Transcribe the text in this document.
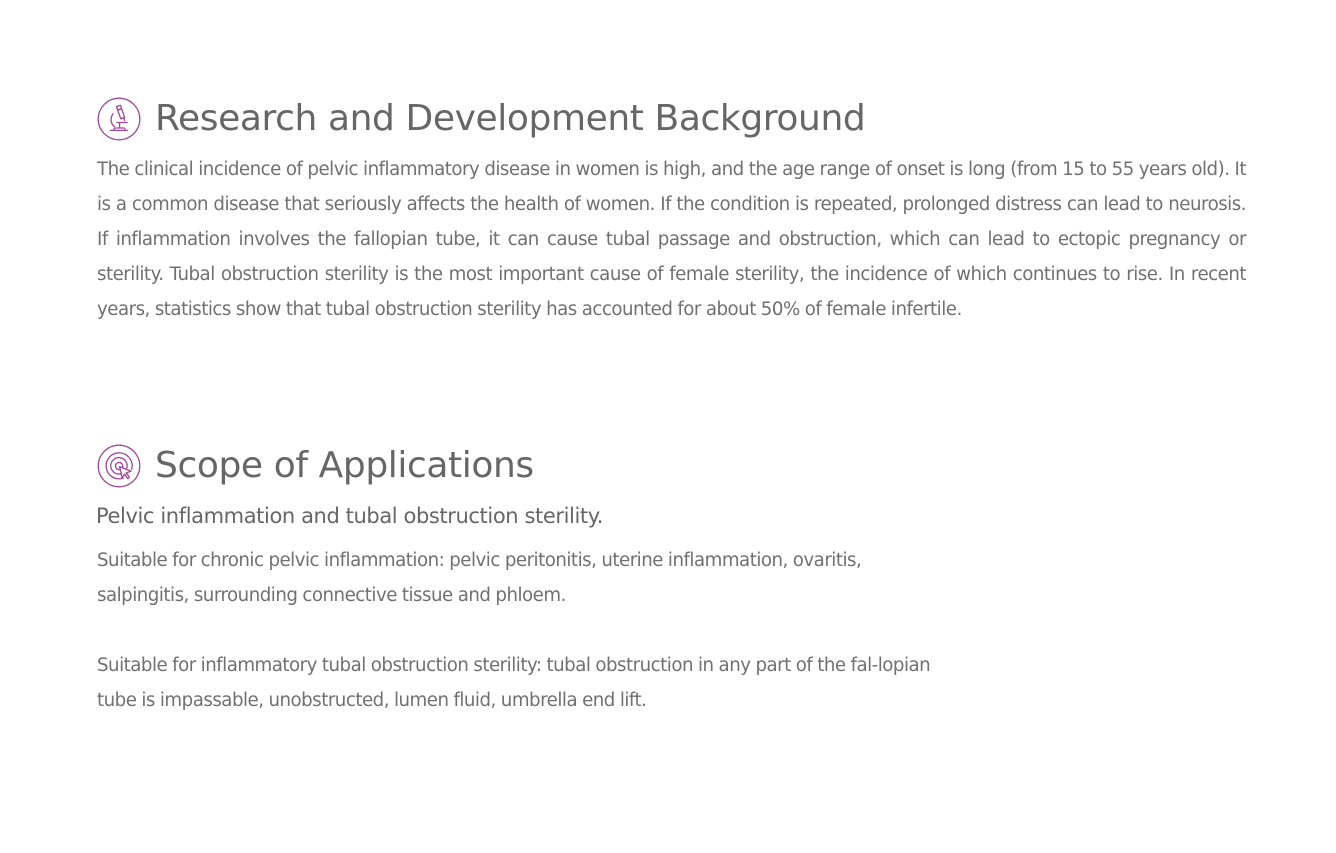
Research and Development Background

The clinical incidence of pelvic inflammatory disease in women is high, and the age range of onset is long (from 15 to 55 years old). It is a common disease that seriously affects the health of women. If the condition is repeated, prolonged distress can lead to neurosis. If inflammation involves the fallopian tube, it can cause tubal passage and obstruction, which can lead to ectopic pregnancy or sterility. Tubal obstruction sterility is the most important cause of female sterility, the incidence of which continues to rise. In recent years, statistics show that tubal obstruction sterility has accounted for about 50% of female infertile.

Scope of Applications
Pelvic inflammation and tubal obstruction sterility.

Suitable for chronic pelvic inflammation: pelvic peritonitis, uterine inflammation, ovaritis, salpingitis, surrounding connective tissue and phloem.

Suitable for inflammatory tubal obstruction sterility: tubal obstruction in any part of the fal-lopian tube is impassable, unobstructed, lumen fluid, umbrella end lift.
